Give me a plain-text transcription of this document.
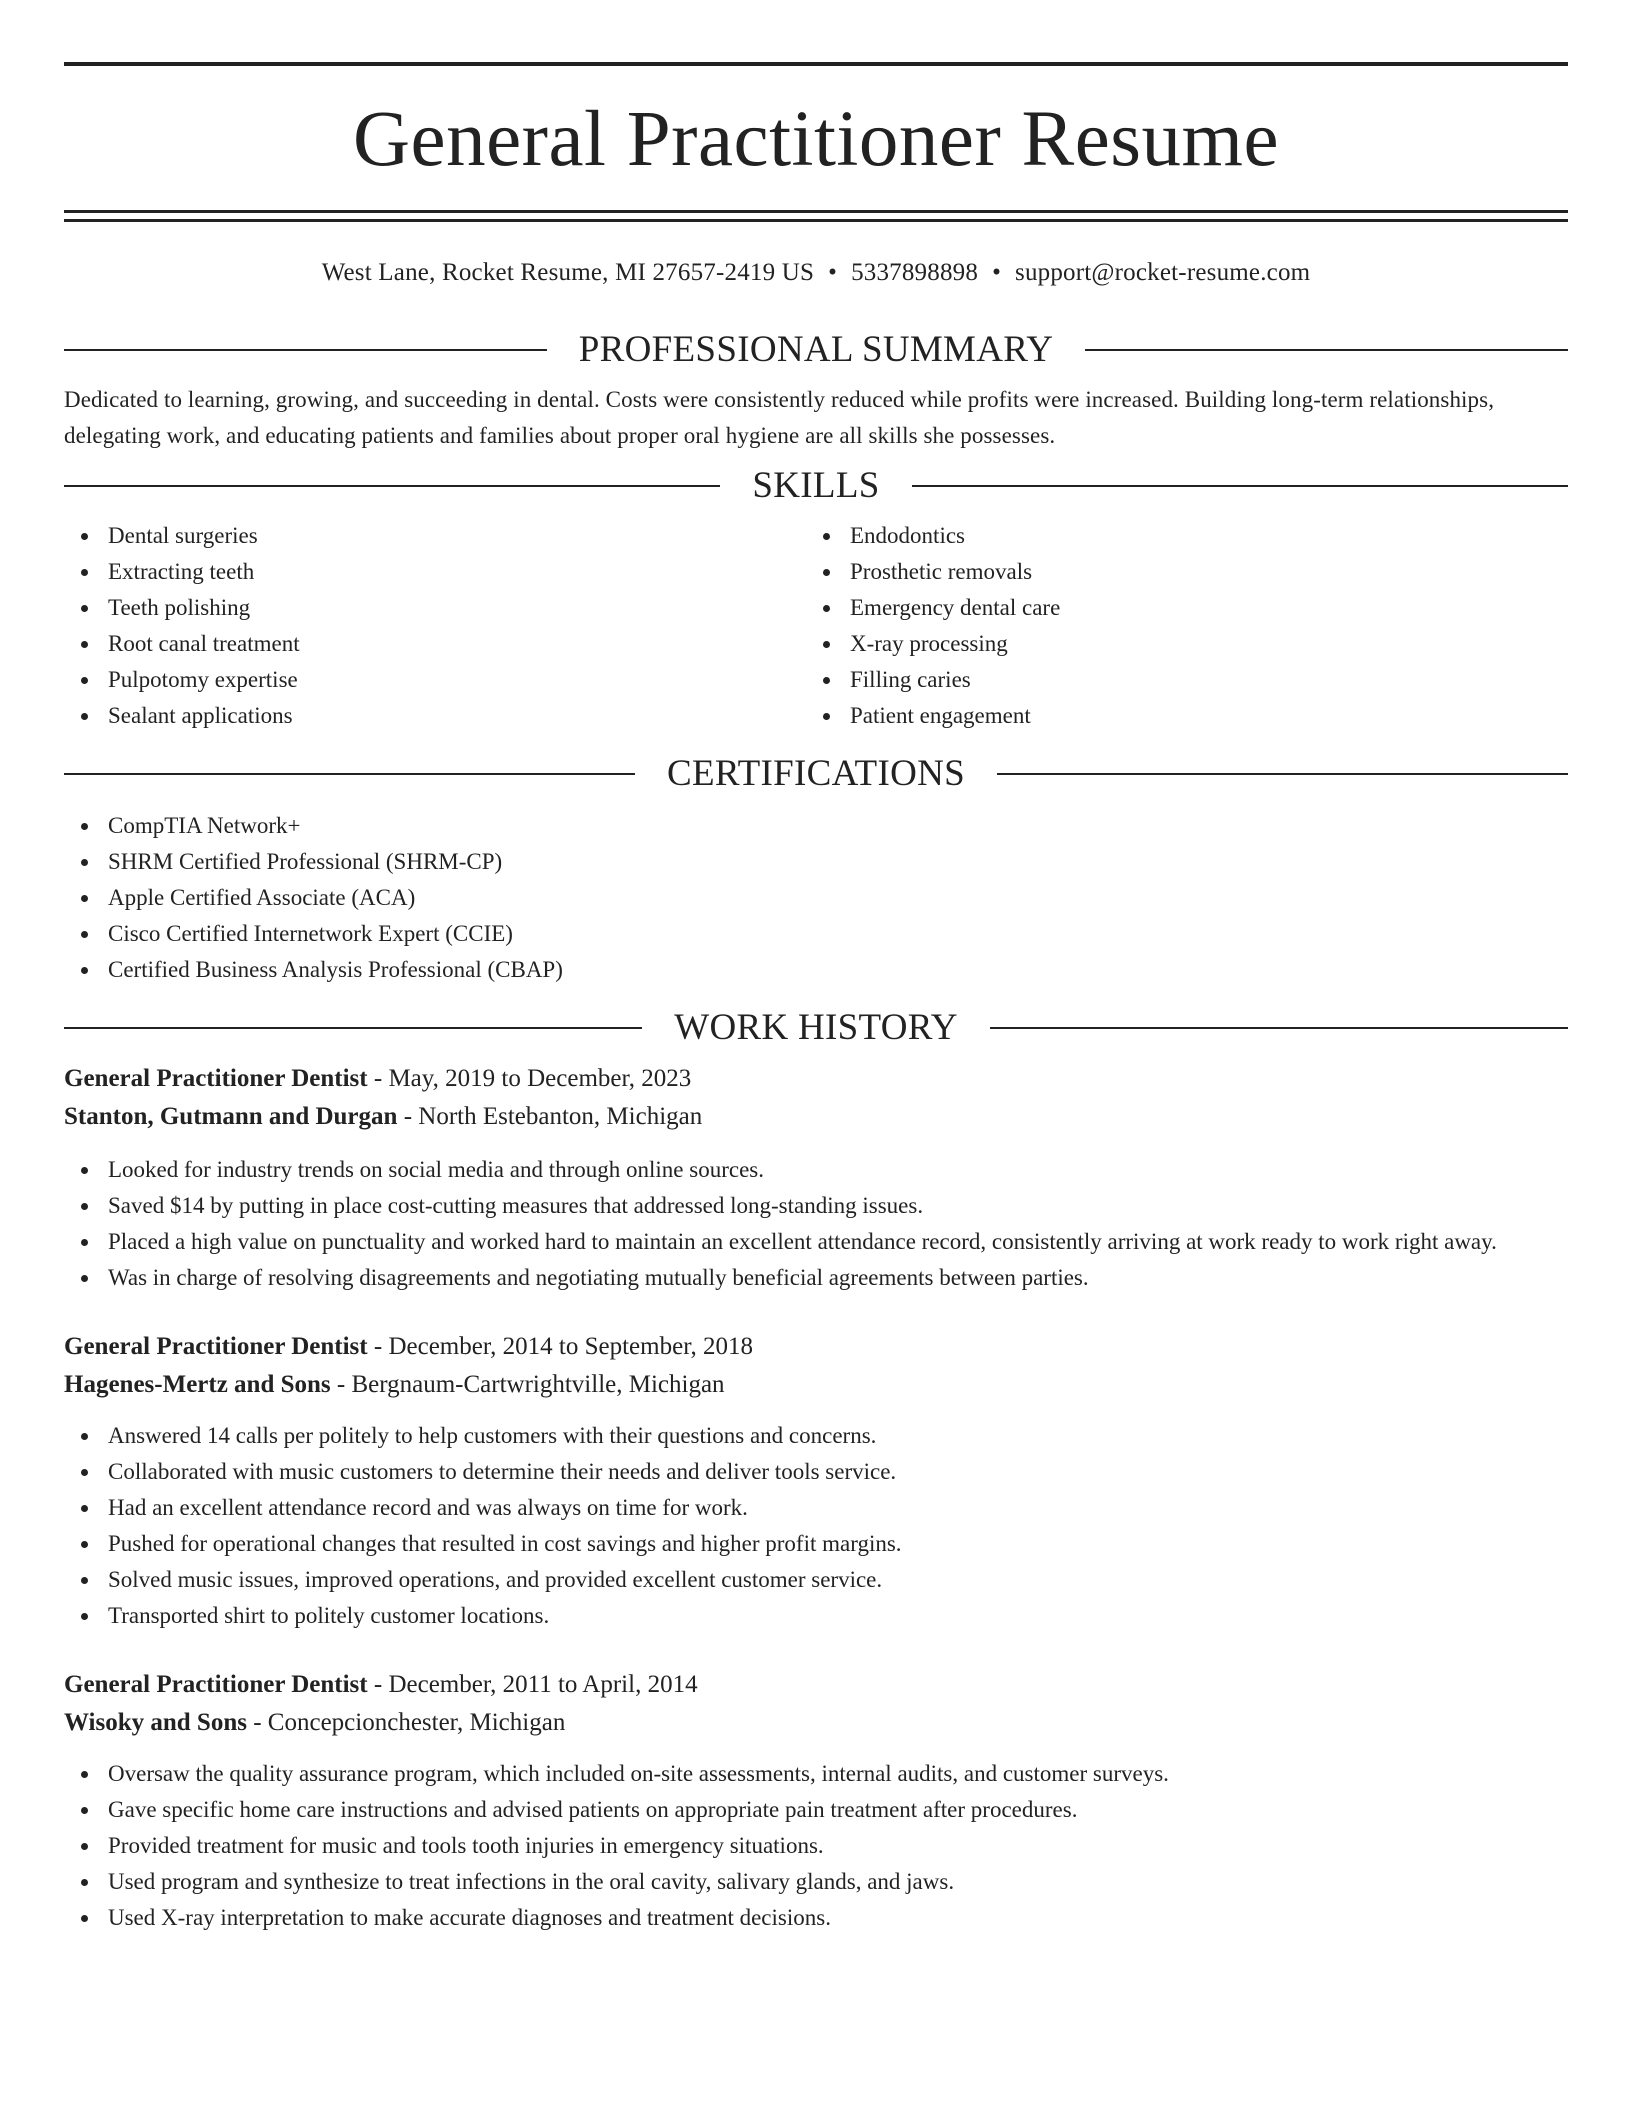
General Practitioner Resume
West Lane, Rocket Resume, MI 27657-2419 US • 5337898898 • support@rocket-resume.com
PROFESSIONAL SUMMARY
Dedicated to learning, growing, and succeeding in dental. Costs were consistently reduced while profits were increased. Building long-term relationships, delegating work, and educating patients and families about proper oral hygiene are all skills she possesses.
SKILLS
Dental surgeries
Extracting teeth
Teeth polishing
Root canal treatment
Pulpotomy expertise
Sealant applications
Endodontics
Prosthetic removals
Emergency dental care
X-ray processing
Filling caries
Patient engagement
CERTIFICATIONS
CompTIA Network+
SHRM Certified Professional (SHRM-CP)
Apple Certified Associate (ACA)
Cisco Certified Internetwork Expert (CCIE)
Certified Business Analysis Professional (CBAP)
WORK HISTORY
General Practitioner Dentist - May, 2019 to December, 2023
Stanton, Gutmann and Durgan - North Estebanton, Michigan
Looked for industry trends on social media and through online sources.
Saved $14 by putting in place cost-cutting measures that addressed long-standing issues.
Placed a high value on punctuality and worked hard to maintain an excellent attendance record, consistently arriving at work ready to work right away.
Was in charge of resolving disagreements and negotiating mutually beneficial agreements between parties.
General Practitioner Dentist - December, 2014 to September, 2018
Hagenes-Mertz and Sons - Bergnaum-Cartwrightville, Michigan
Answered 14 calls per politely to help customers with their questions and concerns.
Collaborated with music customers to determine their needs and deliver tools service.
Had an excellent attendance record and was always on time for work.
Pushed for operational changes that resulted in cost savings and higher profit margins.
Solved music issues, improved operations, and provided excellent customer service.
Transported shirt to politely customer locations.
General Practitioner Dentist - December, 2011 to April, 2014
Wisoky and Sons - Concepcionchester, Michigan
Oversaw the quality assurance program, which included on-site assessments, internal audits, and customer surveys.
Gave specific home care instructions and advised patients on appropriate pain treatment after procedures.
Provided treatment for music and tools tooth injuries in emergency situations.
Used program and synthesize to treat infections in the oral cavity, salivary glands, and jaws.
Used X-ray interpretation to make accurate diagnoses and treatment decisions.
